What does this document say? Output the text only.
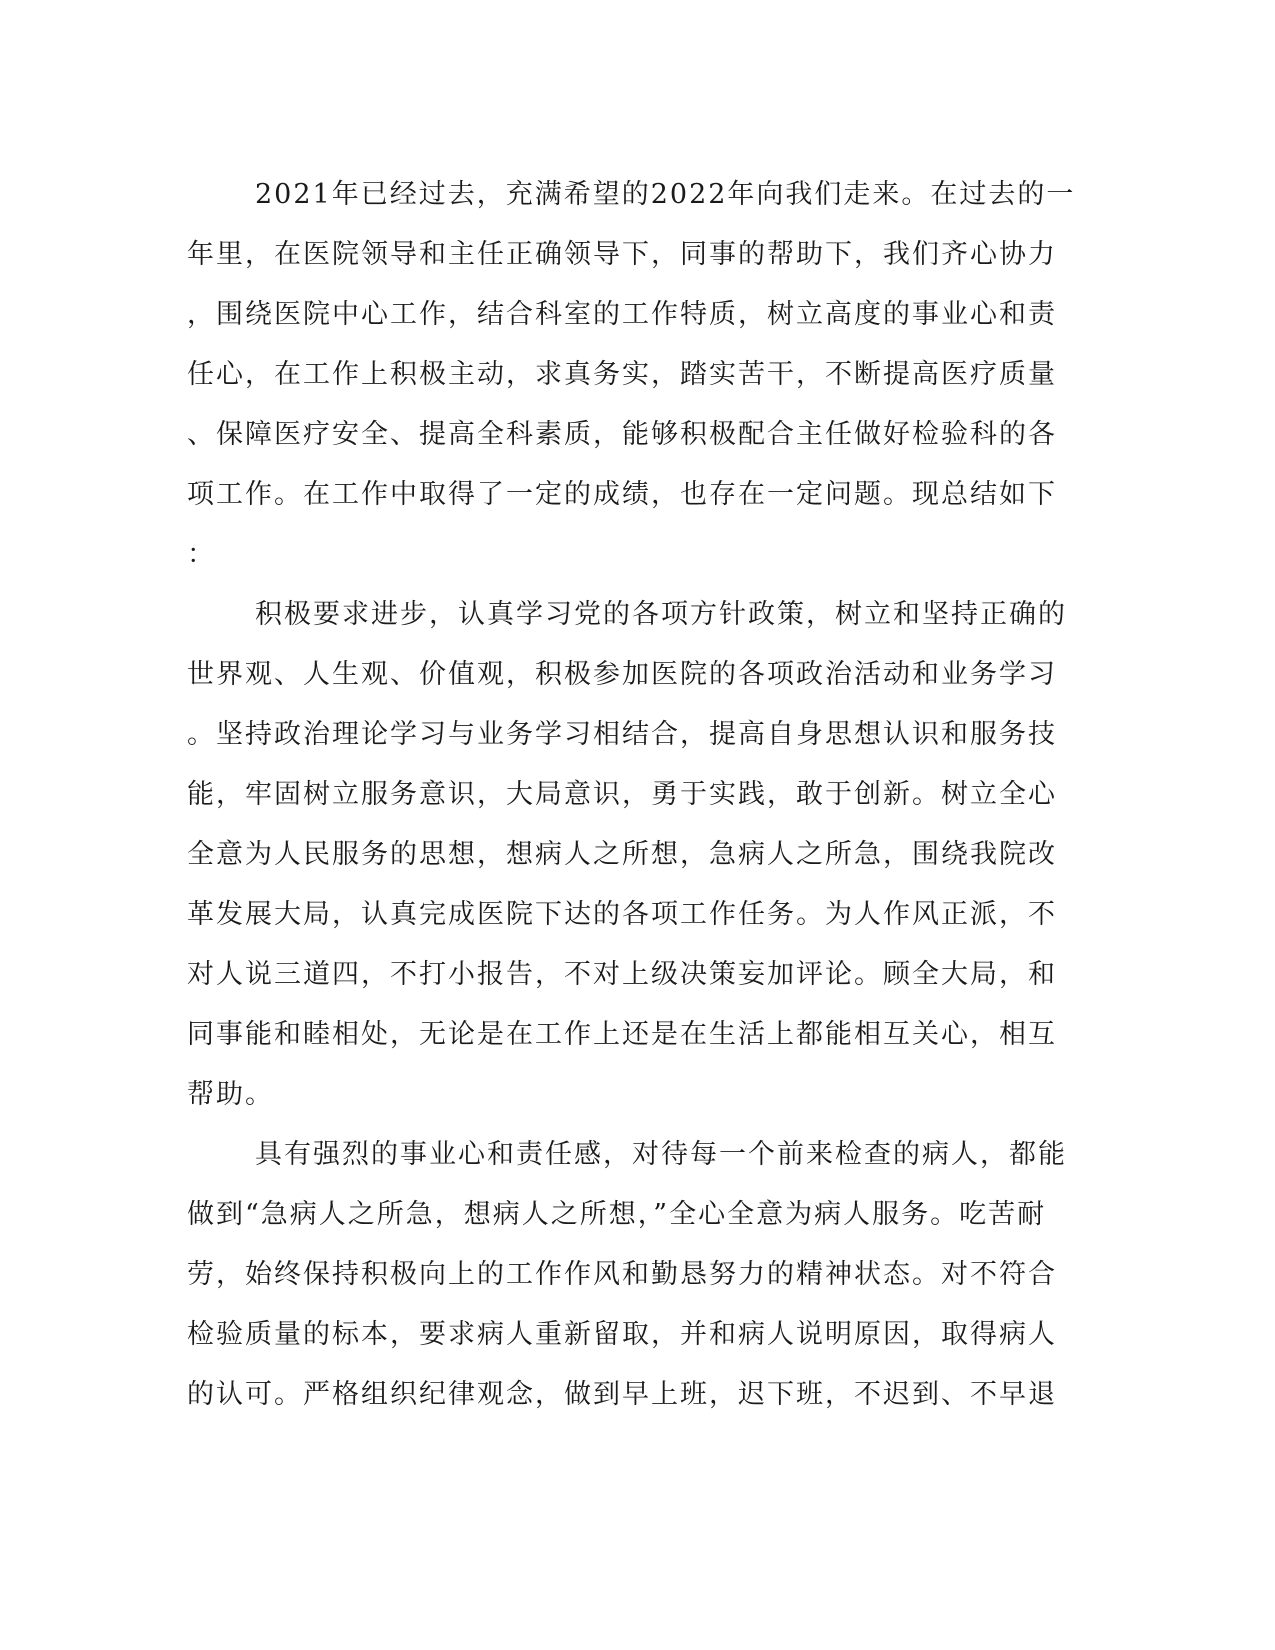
2021年已经过去，充满希望的2022年向我们走来。在过去的一
年里，在医院领导和主任正确领导下，同事的帮助下，我们齐心协力
，围绕医院中心工作，结合科室的工作特质，树立高度的事业心和责
任心，在工作上积极主动，求真务实，踏实苦干，不断提高医疗质量
、保障医疗安全、提高全科素质，能够积极配合主任做好检验科的各
项工作。在工作中取得了一定的成绩，也存在一定问题。现总结如下
：
积极要求进步，认真学习党的各项方针政策，树立和坚持正确的
世界观、人生观、价值观，积极参加医院的各项政治活动和业务学习
。坚持政治理论学习与业务学习相结合，提高自身思想认识和服务技
能，牢固树立服务意识，大局意识，勇于实践，敢于创新。树立全心
全意为人民服务的思想，想病人之所想，急病人之所急，围绕我院改
革发展大局，认真完成医院下达的各项工作任务。为人作风正派，不
对人说三道四，不打小报告，不对上级决策妄加评论。顾全大局，和
同事能和睦相处，无论是在工作上还是在生活上都能相互关心，相互
帮助。
具有强烈的事业心和责任感，对待每一个前来检查的病人，都能
做到“急病人之所急，想病人之所想，”全心全意为病人服务。吃苦耐
劳，始终保持积极向上的工作作风和勤恳努力的精神状态。对不符合
检验质量的标本，要求病人重新留取，并和病人说明原因，取得病人
的认可。严格组织纪律观念，做到早上班，迟下班，不迟到、不早退
